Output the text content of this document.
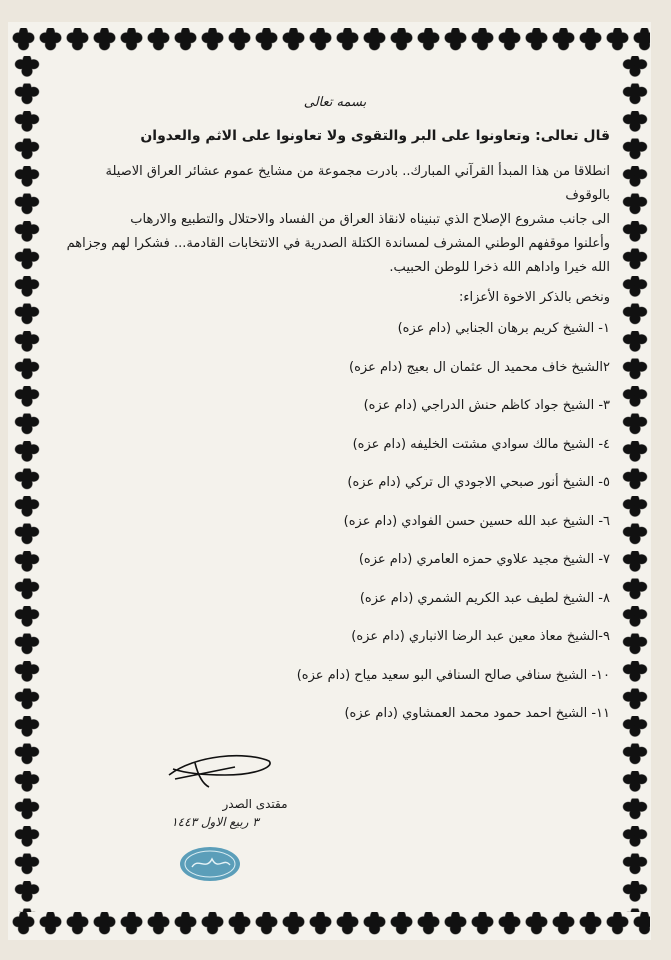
بسمه تعالى

قال تعالى: وتعاونوا على البر والتقوى ولا تعاونوا على الاثم والعدوان

انطلاقا من هذا المبدأ القرآني المبارك.. بادرت مجموعة من مشايخ عموم عشائر العراق الاصيلة بالوقوف
الى جانب مشروع الإصلاح الذي تبنيناه لانقاذ العراق من الفساد والاحتلال والتطبيع والارهاب
وأعلنوا موقفهم الوطني المشرف لمساندة الكتلة الصدرية في الانتخابات القادمة... فشكرا لهم وجزاهم
الله خيرا واداهم الله ذخرا للوطن الحبيب.

ونخص بالذكر الاخوة الأعزاء:

١- الشيخ كريم برهان الجنابي (دام عزه)
٢الشيخ خاف محميد ال عثمان ال بعيج (دام عزه)
٣- الشيخ جواد كاظم حنش الدراجي (دام عزه)
٤- الشيخ مالك سوادي مشتت الخليفه (دام عزه)
٥- الشيخ أنور صبحي الاجودي ال تركي (دام عزه)
٦- الشيخ عبد الله حسين حسن الفوادي (دام عزه)
٧- الشيخ مجيد علاوي حمزه العامري (دام عزه)
٨- الشيخ لطيف عبد الكريم الشمري (دام عزه)
٩-الشيخ معاذ معين عبد الرضا الانباري (دام عزه)
١٠- الشيخ سنافي صالح السنافي البو سعيد مياح (دام عزه)
١١- الشيخ احمد حمود محمد العمشاوي (دام عزه)
مقتدى الصدر
٣ ربيع الاول ١٤٤٣
